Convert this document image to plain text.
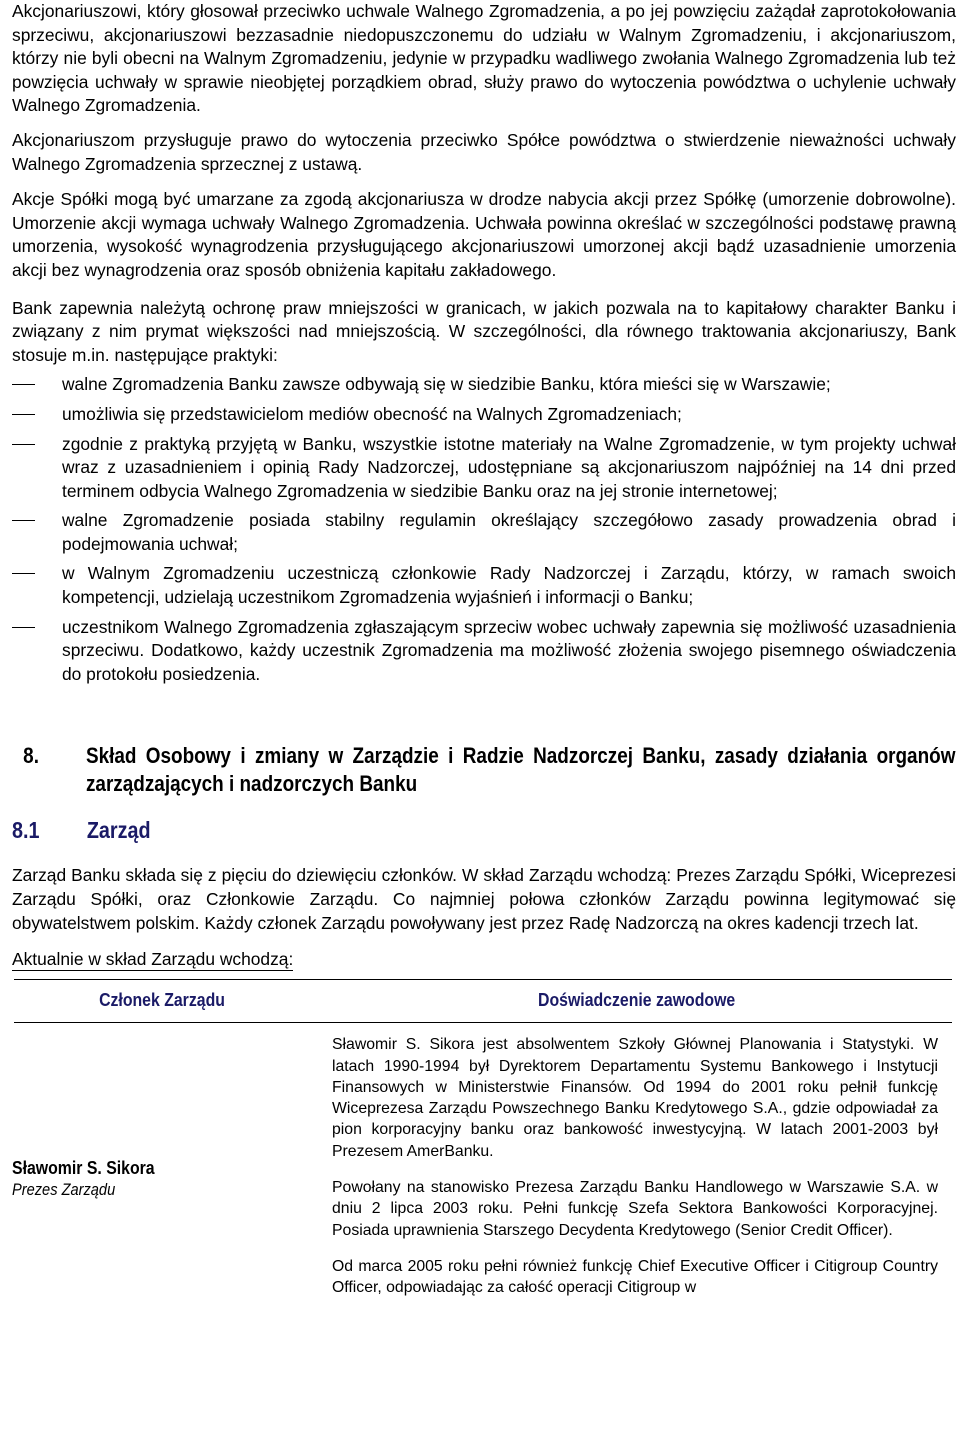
Akcjonariuszowi, który głosował przeciwko uchwale Walnego Zgromadzenia, a po jej powzięciu zażądał zaprotokołowania sprzeciwu, akcjonariuszowi bezzasadnie niedopuszczonemu do udziału w Walnym Zgromadzeniu, i akcjonariuszom, którzy nie byli obecni na Walnym Zgromadzeniu, jedynie w przypadku wadliwego zwołania Walnego Zgromadzenia lub też powzięcia uchwały w sprawie nieobjętej porządkiem obrad, służy prawo do wytoczenia powództwa o uchylenie uchwały Walnego Zgromadzenia.

Akcjonariuszom przysługuje prawo do wytoczenia przeciwko Spółce powództwa o stwierdzenie nieważności uchwały Walnego Zgromadzenia sprzecznej z ustawą.

Akcje Spółki mogą być umarzane za zgodą akcjonariusza w drodze nabycia akcji przez Spółkę (umorzenie dobrowolne). Umorzenie akcji wymaga uchwały Walnego Zgromadzenia. Uchwała powinna określać w szczególności podstawę prawną umorzenia, wysokość wynagrodzenia przysługującego akcjonariuszowi umorzonej akcji bądź uzasadnienie umorzenia akcji bez wynagrodzenia oraz sposób obniżenia kapitału zakładowego.

Bank zapewnia należytą ochronę praw mniejszości w granicach, w jakich pozwala na to kapitałowy charakter Banku i związany z nim prymat większości nad mniejszością. W szczególności, dla równego traktowania akcjonariuszy, Bank stosuje m.in. następujące praktyki:

walne Zgromadzenia Banku zawsze odbywają się w siedzibie Banku, która mieści się w Warszawie;
umożliwia się przedstawicielom mediów obecność na Walnych Zgromadzeniach;
zgodnie z praktyką przyjętą w Banku, wszystkie istotne materiały na Walne Zgromadzenie, w tym projekty uchwał wraz z uzasadnieniem i opinią Rady Nadzorczej, udostępniane są akcjonariuszom najpóźniej na 14 dni przed terminem odbycia Walnego Zgromadzenia w siedzibie Banku oraz na jej stronie internetowej;
walne Zgromadzenie posiada stabilny regulamin określający szczegółowo zasady prowadzenia obrad i podejmowania uchwał;
w Walnym Zgromadzeniu uczestniczą członkowie Rady Nadzorczej i Zarządu, którzy, w ramach swoich kompetencji, udzielają uczestnikom Zgromadzenia wyjaśnień i informacji o Banku;
uczestnikom Walnego Zgromadzenia zgłaszającym sprzeciw wobec uchwały zapewnia się możliwość uzasadnienia sprzeciwu. Dodatkowo, każdy uczestnik Zgromadzenia ma możliwość złożenia swojego pisemnego oświadczenia do protokołu posiedzenia.
8.	Skład Osobowy i zmiany w Zarządzie i Radzie Nadzorczej Banku, zasady działania organów zarządzających i nadzorczych Banku
8.1 Zarząd

Zarząd Banku składa się z pięciu do dziewięciu członków. W skład Zarządu wchodzą: Prezes Zarządu Spółki, Wiceprezesi Zarządu Spółki, oraz Członkowie Zarządu. Co najmniej połowa członków Zarządu powinna legitymować się obywatelstwem polskim. Każdy członek Zarządu powoływany jest przez Radę Nadzorczą na okres kadencji trzech lat.

Aktualnie w skład Zarządu wchodzą:

Członek Zarządu	Doświadczenie zawodowe
Sławomir S. Sikora
Prezes Zarządu

Sławomir S. Sikora jest absolwentem Szkoły Głównej Planowania i Statystyki. W latach 1990-1994 był Dyrektorem Departamentu Systemu Bankowego i Instytucji Finansowych w Ministerstwie Finansów. Od 1994 do 2001 roku pełnił funkcję Wiceprezesa Zarządu Powszechnego Banku Kredytowego S.A., gdzie odpowiadał za pion korporacyjny banku oraz bankowość inwestycyjną. W latach 2001-2003 był Prezesem AmerBanku.

Powołany na stanowisko Prezesa Zarządu Banku Handlowego w Warszawie S.A. w dniu 2 lipca 2003 roku. Pełni funkcję Szefa Sektora Bankowości Korporacyjnej. Posiada uprawnienia Starszego Decydenta Kredytowego (Senior Credit Officer).

Od marca 2005 roku pełni również funkcję Chief Executive Officer i Citigroup Country Officer, odpowiadając za całość operacji Citigroup w
